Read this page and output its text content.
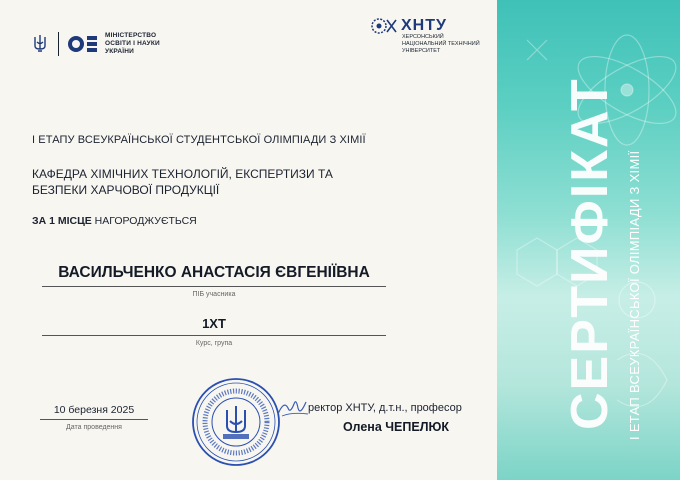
МІНІСТЕРСТВО
ОСВІТИ І НАУКИ
УКРАЇНИ
ХНТУ
ХЕРСОНСЬКИЙ
НАЦІОНАЛЬНИЙ ТЕХНІЧНИЙ
УНІВЕРСИТЕТ
І ЕТАПУ ВСЕУКРАЇНСЬКОЇ СТУДЕНТСЬКОЇ ОЛІМПІАДИ З ХІМІЇ
КАФЕДРА ХІМІЧНИХ ТЕХНОЛОГІЙ, ЕКСПЕРТИЗИ ТА
БЕЗПЕКИ ХАРЧОВОЇ ПРОДУКЦІЇ
ЗА 1 МІСЦЕ НАГОРОДЖУЄТЬСЯ
ВАСИЛЬЧЕНКО АНАСТАСІЯ ЄВГЕНІЇВНА
ПІБ учасника
1ХТ
Курс, група
10 березня 2025
Дата проведення
ректор ХНТУ, д.т.н., професор
Олена ЧЕПЕЛЮК СЕРТИФІКАТ І ЕТАП ВСЕУКРАЇНСЬКОЇ ОЛІМПІАДИ З ХІМІЇ
